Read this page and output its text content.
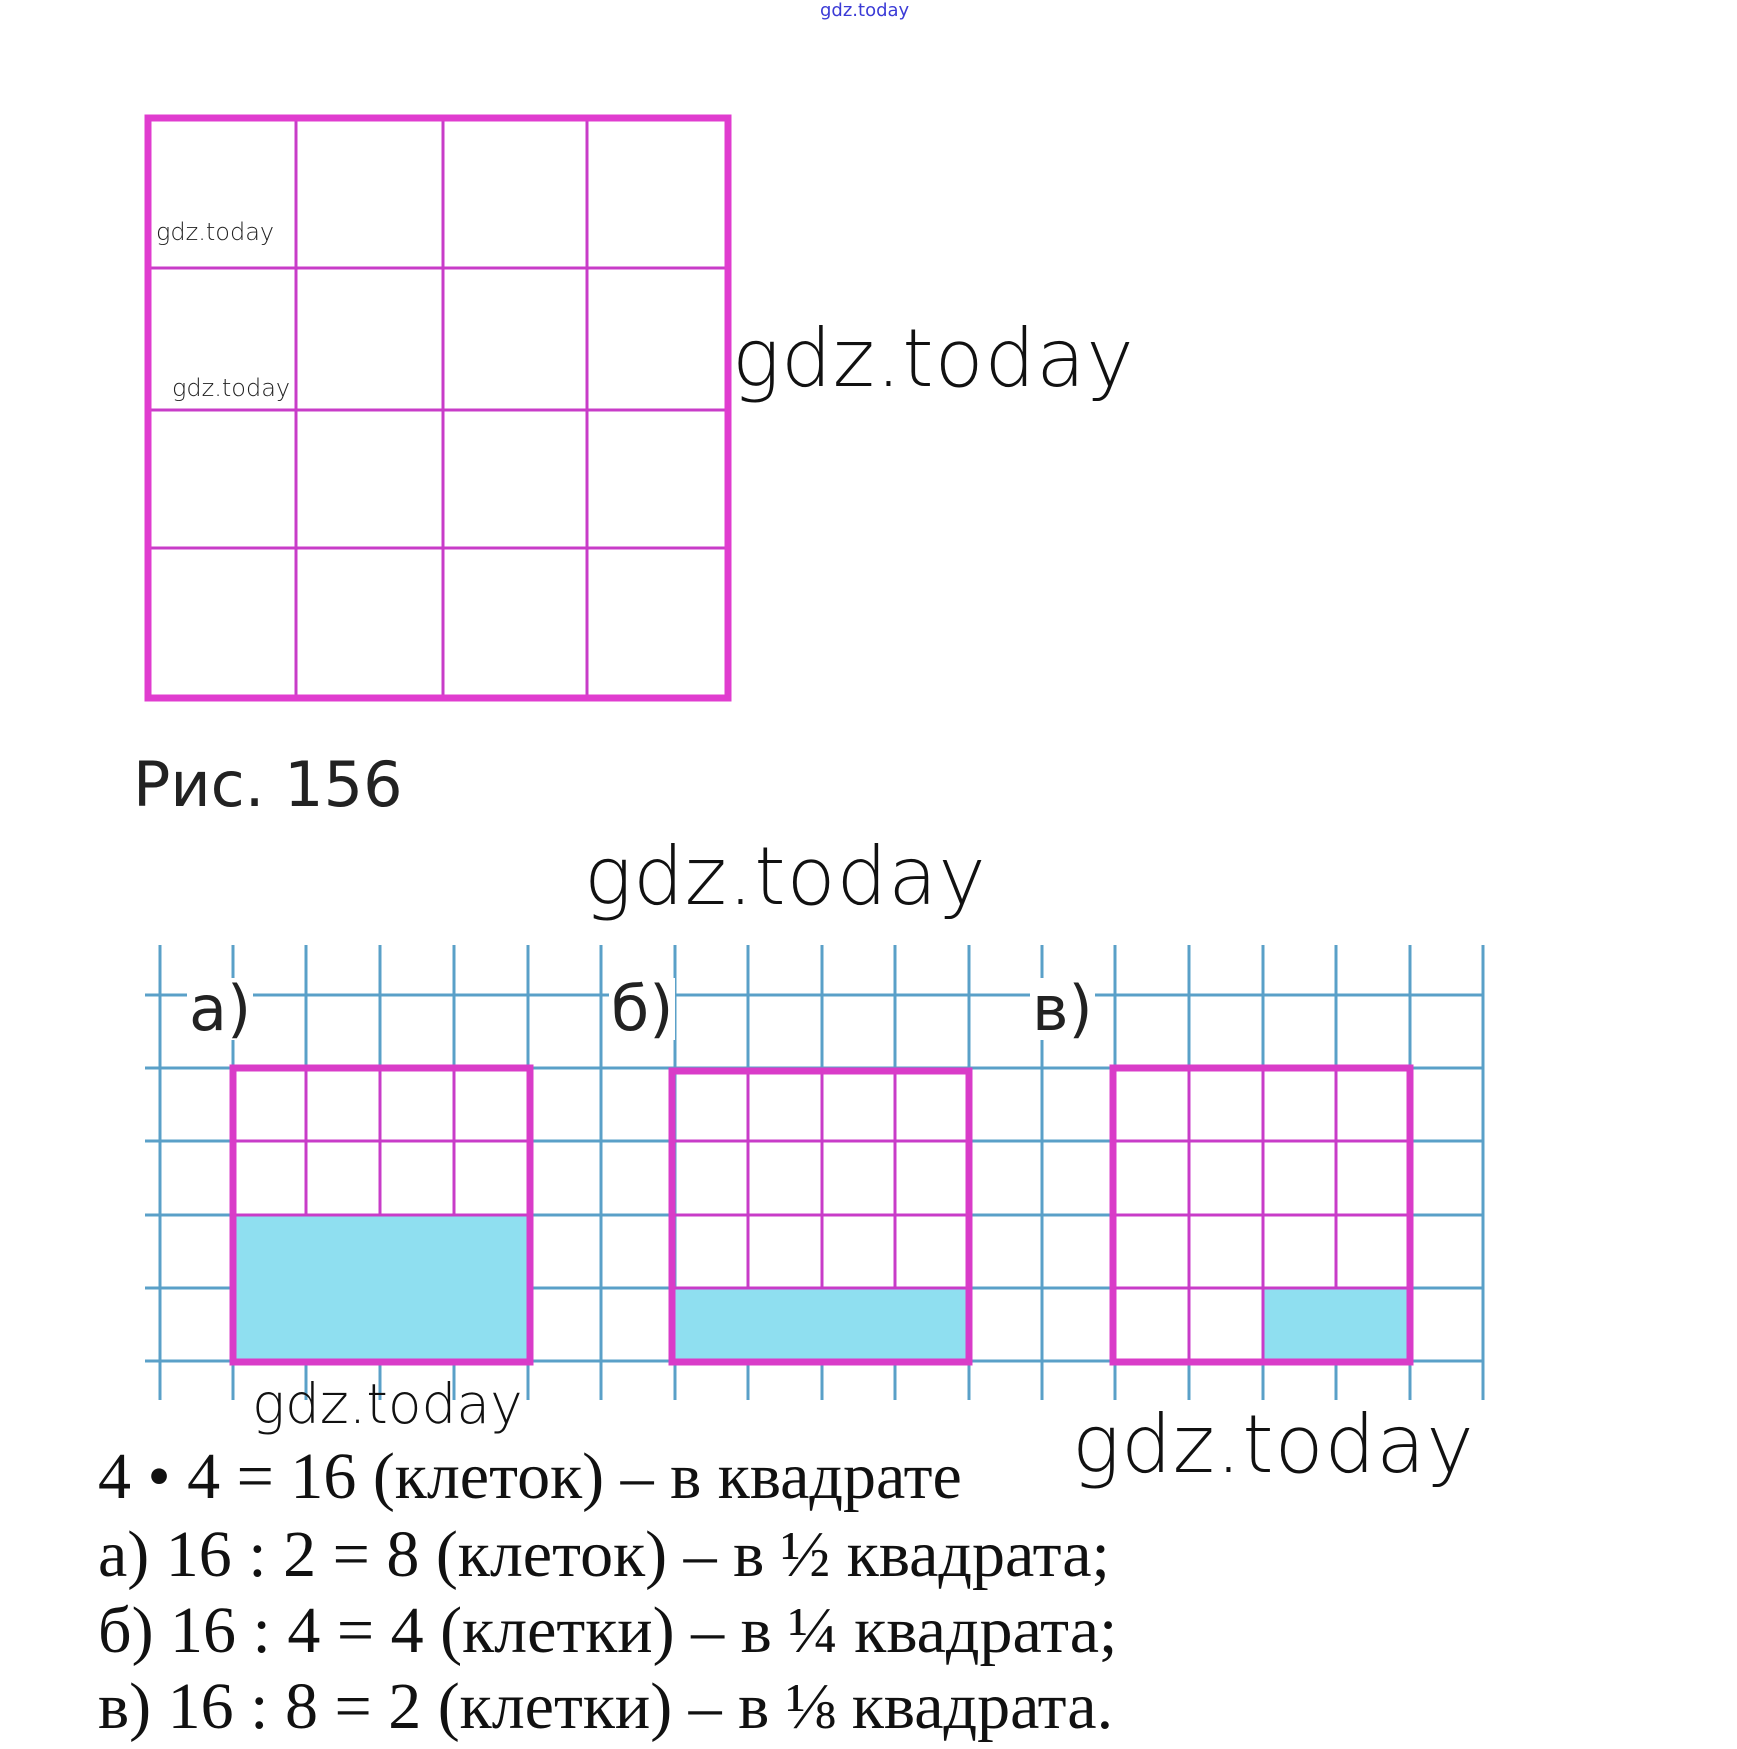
gdz.today
gdz.today
gdz.today	gdz.today
Рис. 156
gdz.today
а)	б)	в)
gdz.today	gdz.today
4 • 4 = 16 (клеток) – в квадрате
а) 16 : 2 = 8 (клеток) – в ½ квадрата;
б) 16 : 4 = 4 (клетки) – в ¼ квадрата;
в) 16 : 8 = 2 (клетки) – в ⅛ квадрата.
